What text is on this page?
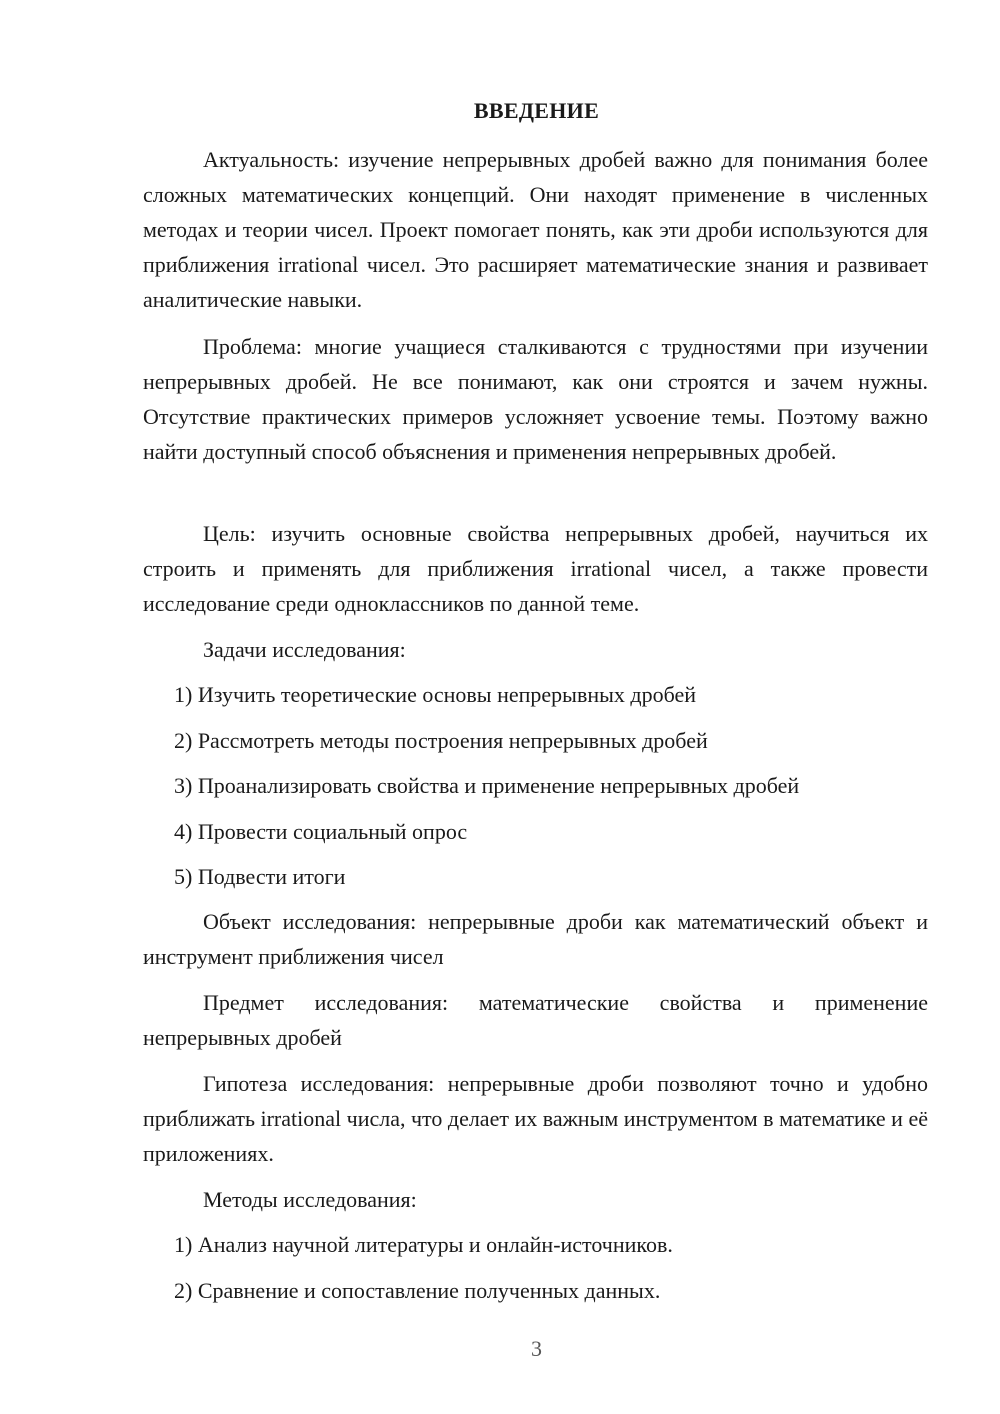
ВВЕДЕНИЕ
Актуальность: изучение непрерывных дробей важно для понимания более сложных математических концепций. Они находят применение в численных методах и теории чисел. Проект помогает понять, как эти дроби используются для приближения irrational чисел. Это расширяет математические знания и развивает аналитические навыки.
Проблема: многие учащиеся сталкиваются с трудностями при изучении непрерывных дробей. Не все понимают, как они строятся и зачем нужны. Отсутствие практических примеров усложняет усвоение темы. Поэтому важно найти доступный способ объяснения и применения непрерывных дробей.
Цель: изучить основные свойства непрерывных дробей, научиться их строить и применять для приближения irrational чисел, а также провести исследование среди одноклассников по данной теме.
Задачи исследования:
1) Изучить теоретические основы непрерывных дробей
2) Рассмотреть методы построения непрерывных дробей
3) Проанализировать свойства и применение непрерывных дробей
4) Провести социальный опрос
5) Подвести итоги
Объект исследования: непрерывные дроби как математический объект и инструмент приближения чисел
Предмет исследования: математические свойства и применение непрерывных дробей
Гипотеза исследования: непрерывные дроби позволяют точно и удобно приближать irrational числа, что делает их важным инструментом в математике и её приложениях.
Методы исследования:
1) Анализ научной литературы и онлайн-источников.
2) Сравнение и сопоставление полученных данных.
3
